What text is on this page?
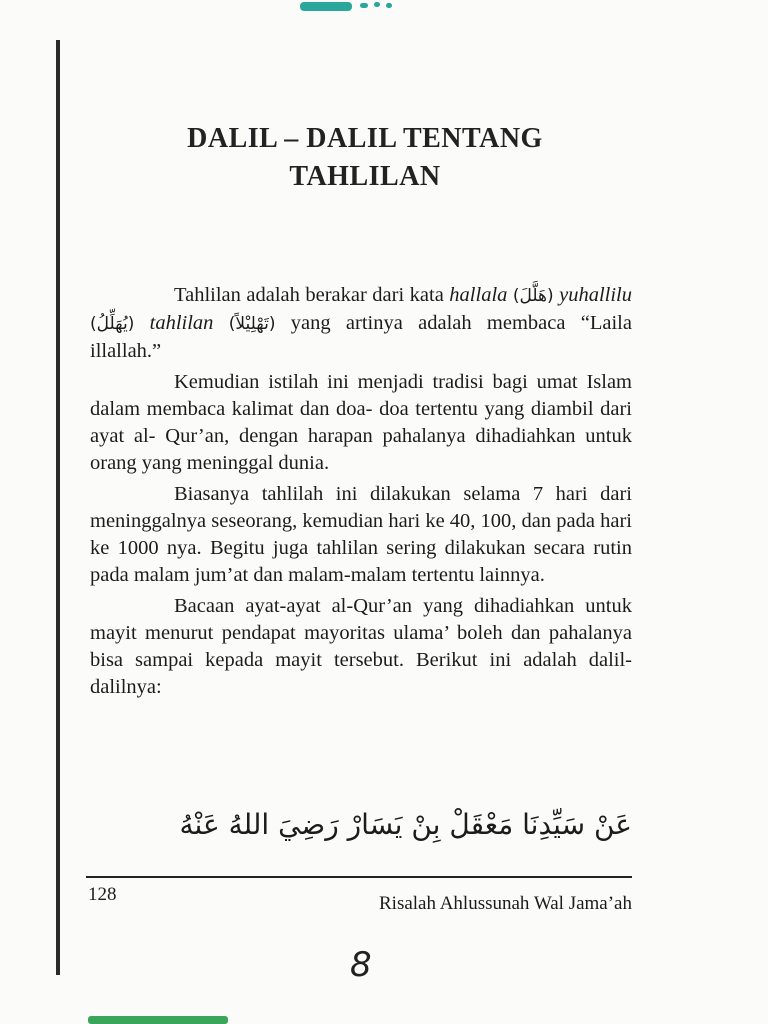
DALIL – DALIL TENTANG
TAHLILAN

Tahlilan adalah berakar dari kata hallala (هَلَّلَ) yuhallilu (يُهَلِّلُ) tahlilan (تَهْلِيْلاً) yang artinya adalah membaca “Laila illallah.”

Kemudian istilah ini menjadi tradisi bagi umat Islam dalam membaca kalimat dan doa- doa tertentu yang diambil dari ayat al- Qur’an, dengan harapan pahalanya dihadiahkan untuk orang yang meninggal dunia.

Biasanya tahlilah ini dilakukan selama 7 hari dari meninggalnya seseorang, kemudian hari ke 40, 100, dan pada hari ke 1000 nya. Begitu juga tahlilan sering dilakukan secara rutin pada malam jum’at dan malam-malam tertentu lainnya.

Bacaan ayat-ayat al-Qur’an yang dihadiahkan untuk mayit menurut pendapat mayoritas ulama’ boleh dan pahalanya bisa sampai kepada mayit tersebut. Berikut ini adalah dalil-dalilnya:

عَنْ سَيِّدِنَا مَعْقَلْ بِنْ يَسَارْ رَضِيَ اللهُ عَنْهُ
128	Risalah Ahlussunah Wal Jama’ah
8
